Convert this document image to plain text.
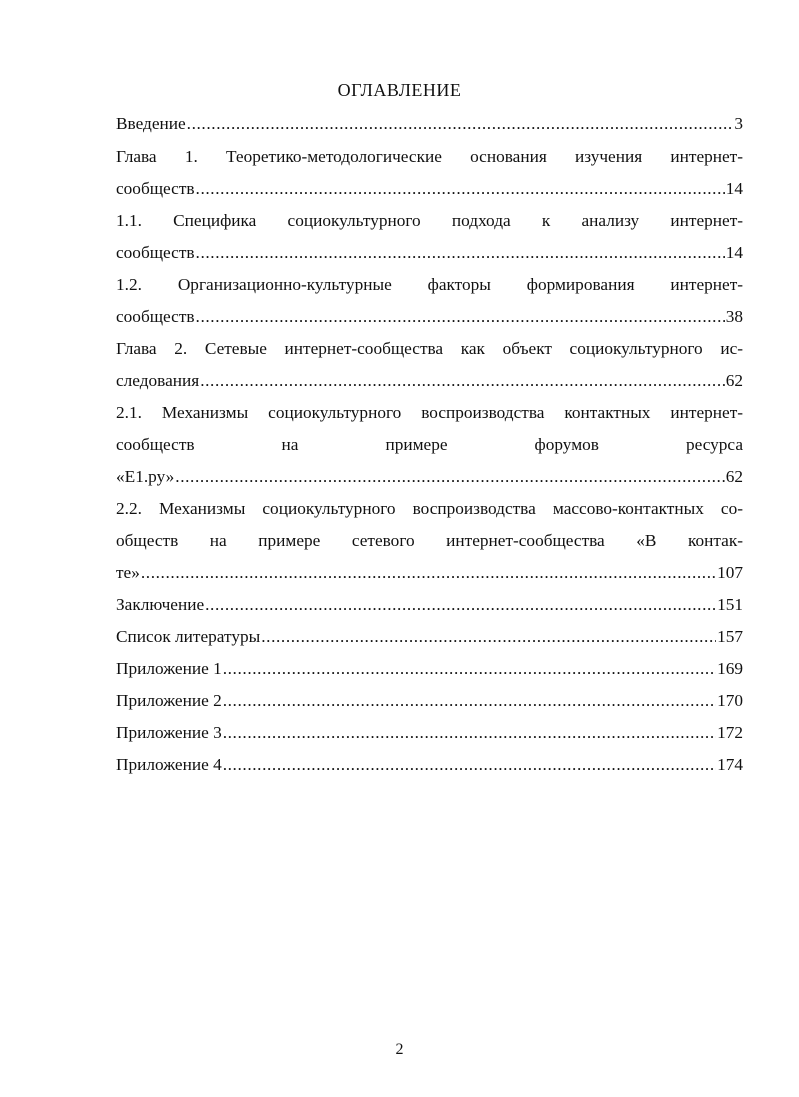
ОГЛАВЛЕНИЕ
Введение .....	3
Глава 1. Теоретико-методологические основания изучения интернет-
сообществ .....	14
1.1. Специфика социокультурного подхода к анализу интернет-
сообществ .....	14
1.2. Организационно-культурные факторы формирования интернет-
сообществ .....	38
Глава 2. Сетевые интернет-сообщества как объект социокультурного ис-
следования .....	62
2.1. Механизмы социокультурного воспроизводства контактных интернет-
сообществ на примере форумов ресурса
«Е1.ру» .....	62
2.2. Механизмы социокультурного воспроизводства массово-контактных со-
обществ на примере сетевого интернет-сообщества «В контак-
те» .....	107
Заключение .....	151
Список литературы .....	157
Приложение 1 .....	169
Приложение 2 .....	170
Приложение 3 .....	172
Приложение 4 .....	174
2
